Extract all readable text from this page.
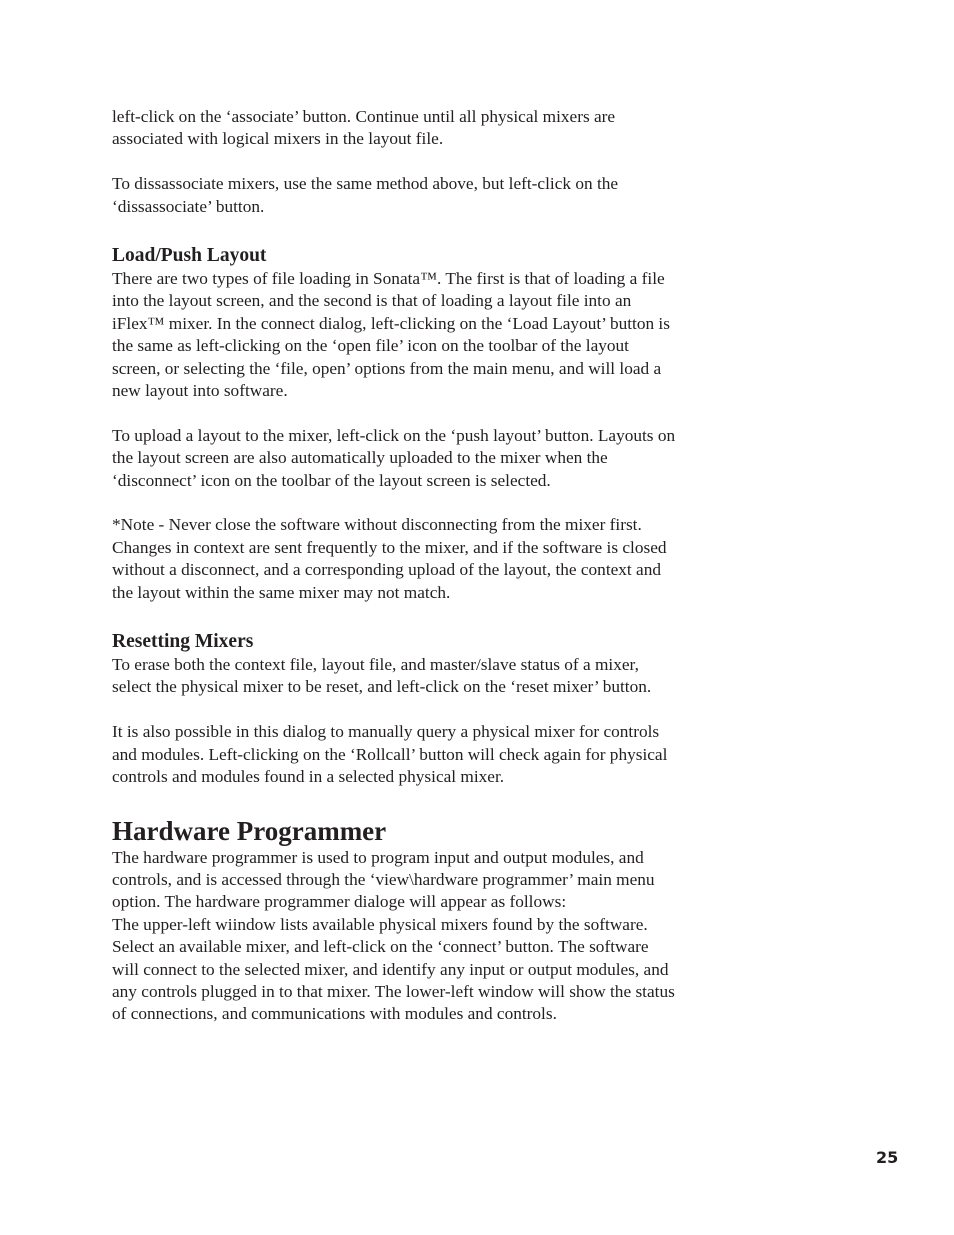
left-click on the ‘associate’ button. Continue until all physical mixers are associated with logical mixers in the layout file.

To dissassociate mixers, use the same method above, but left-click on the ‘dissassociate’ button.

Load/Push Layout

There are two types of file loading in Sonata™. The first is that of loading a file into the layout screen, and the second is that of loading a layout file into an iFlex™ mixer. In the connect dialog, left-clicking on the ‘Load Layout’ button is the same as left-clicking on the ‘open file’ icon on the toolbar of the layout screen, or selecting the ‘file, open’ options from the main menu, and will load a new layout into software.

To upload a layout to the mixer, left-click on the ‘push layout’ button. Layouts on the layout screen are also automatically uploaded to the mixer when the ‘disconnect’ icon on the toolbar of the layout screen is selected.

*Note - Never close the software without disconnecting from the mixer first. Changes in context are sent frequently to the mixer, and if the software is closed without a disconnect, and a corresponding upload of the layout, the context and the layout within the same mixer may not match.

Resetting Mixers

To erase both the context file, layout file, and master/slave status of a mixer, select the physical mixer to be reset, and left-click on the ‘reset mixer’ button.

It is also possible in this dialog to manually query a physical mixer for controls and modules. Left-clicking on the ‘Rollcall’ button will check again for physical controls and modules found in a selected physical mixer.

Hardware Programmer

The hardware programmer is used to program input and output modules, and controls, and is accessed through the ‘view\hardware programmer’ main menu option. The hardware programmer dialoge will appear as follows:

The upper-left wiindow lists available physical mixers found by the software. Select an available mixer, and left-click on the ‘connect’ button. The software will connect to the selected mixer, and identify any input or output modules, and any controls plugged in to that mixer. The lower-left window will show the status of connections, and communications with modules and controls.

25
